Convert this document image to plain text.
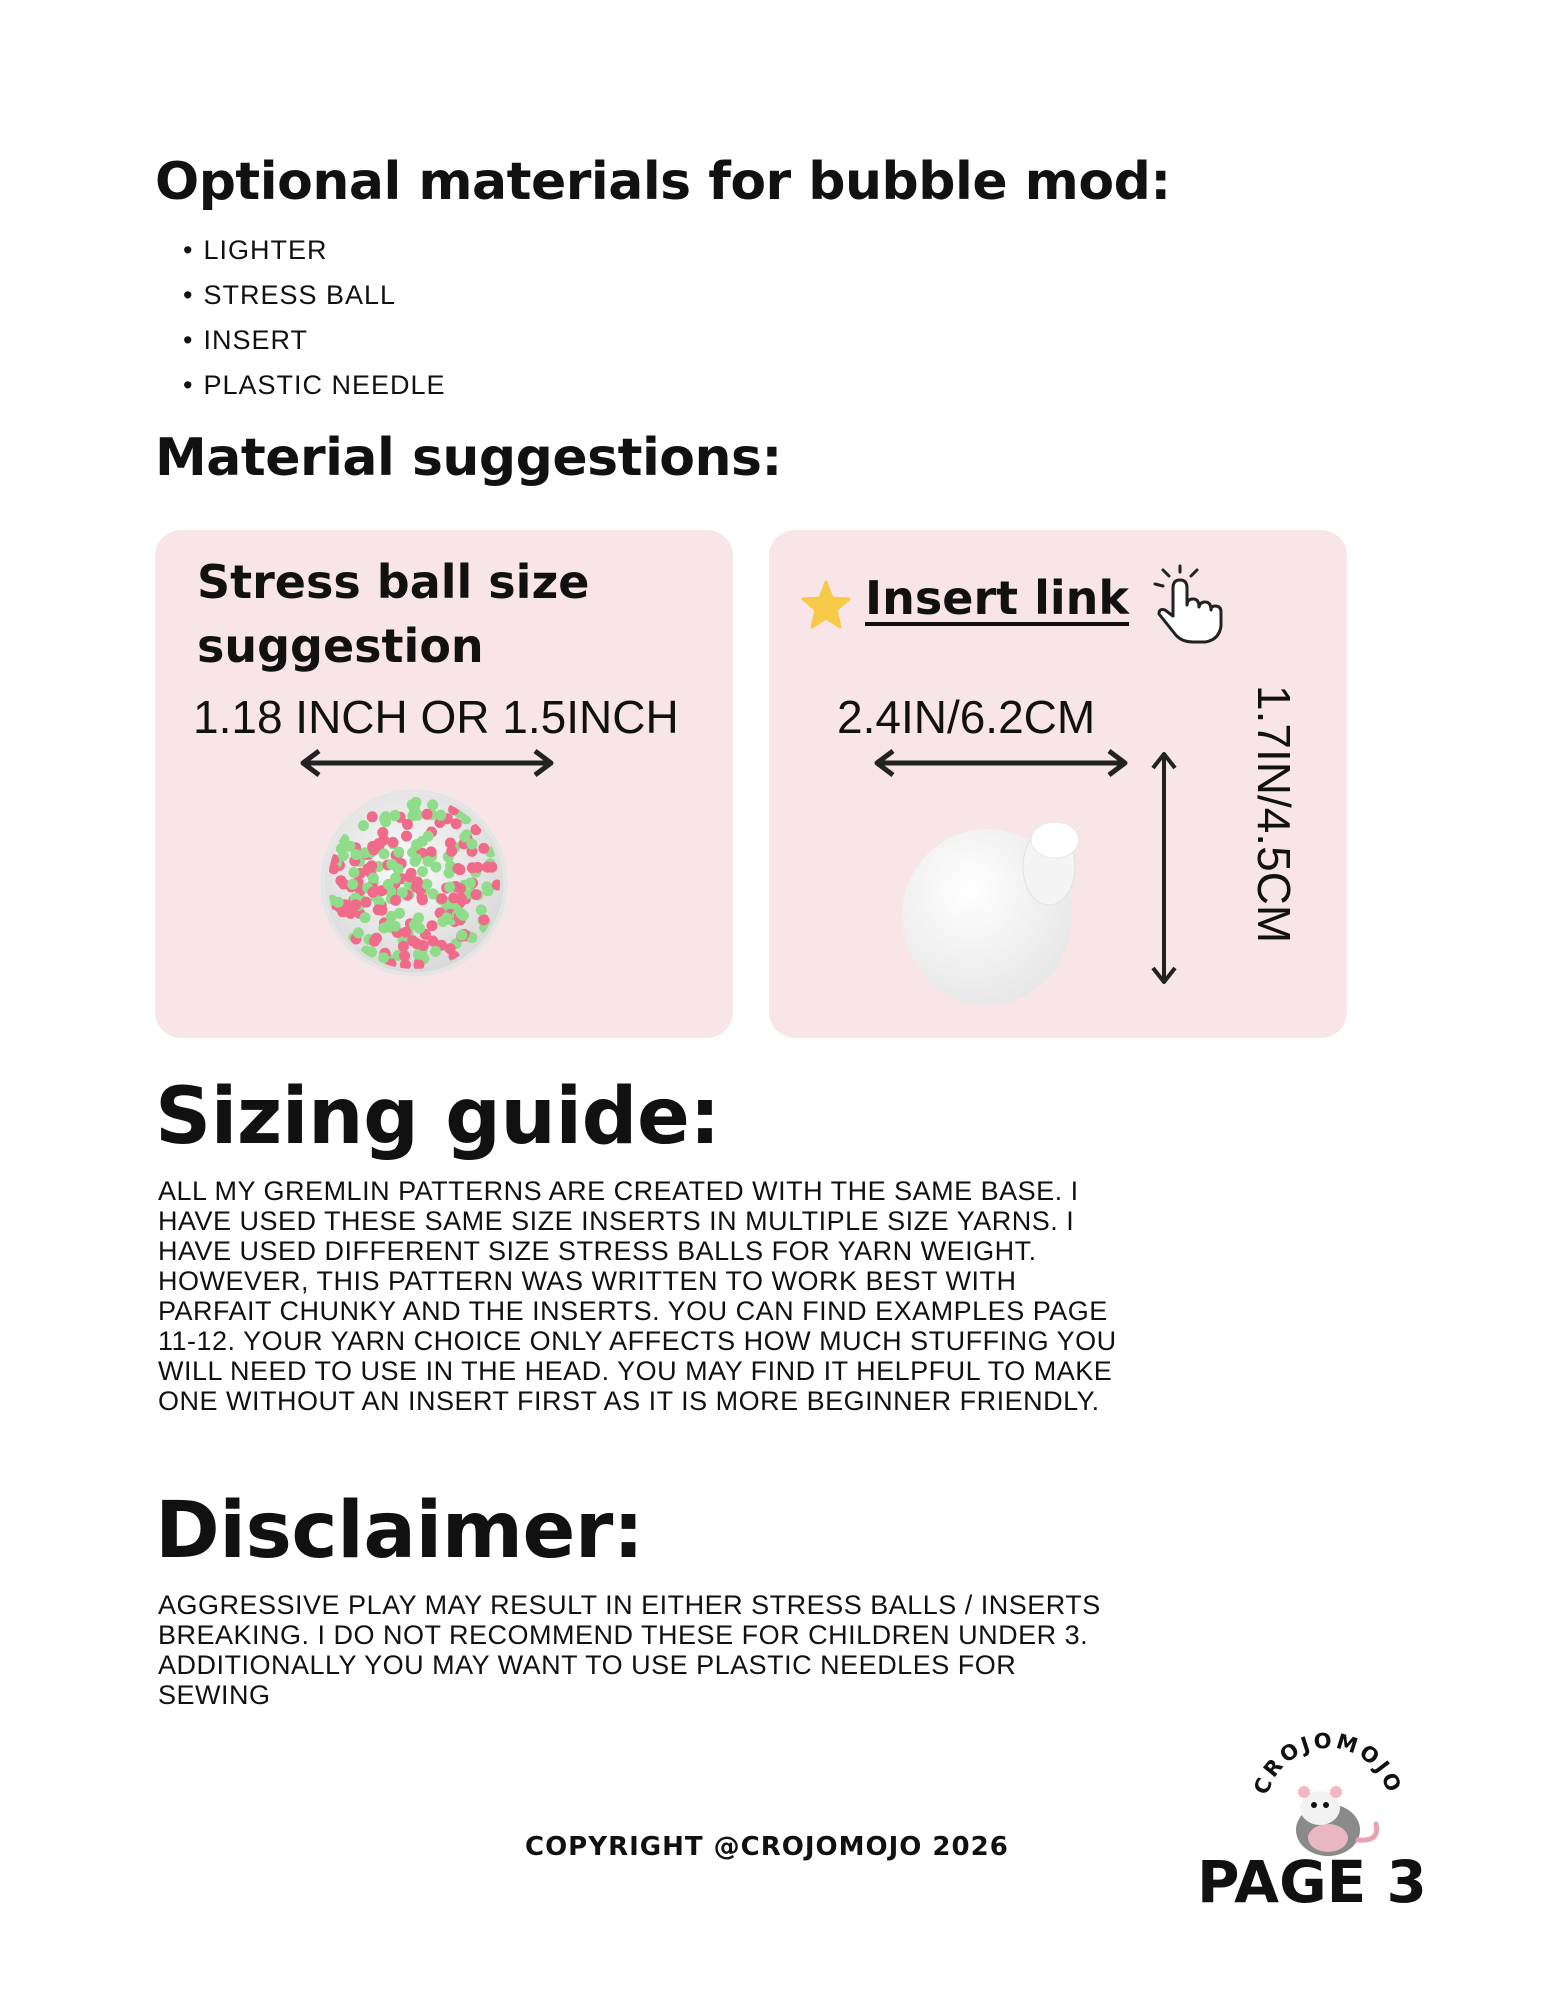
Optional materials for bubble mod:
• LIGHTER
• STRESS BALL
• INSERT
• PLASTIC NEEDLE
Material suggestions:
Stress ball size
suggestion
1.18 INCH OR 1.5INCH
Insert link
2.4IN/6.2CM	1.7IN/4.5CM
Sizing guide:

ALL MY GREMLIN PATTERNS ARE CREATED WITH THE SAME BASE. I HAVE USED THESE SAME SIZE INSERTS IN MULTIPLE SIZE YARNS. I HAVE USED DIFFERENT SIZE STRESS BALLS FOR YARN WEIGHT. HOWEVER, THIS PATTERN WAS WRITTEN TO WORK BEST WITH PARFAIT CHUNKY AND THE INSERTS. YOU CAN FIND EXAMPLES PAGE 11-12. YOUR YARN CHOICE ONLY AFFECTS HOW MUCH STUFFING YOU WILL NEED TO USE IN THE HEAD. YOU MAY FIND IT HELPFUL TO MAKE ONE WITHOUT AN INSERT FIRST AS IT IS MORE BEGINNER FRIENDLY.

Disclaimer:

AGGRESSIVE PLAY MAY RESULT IN EITHER STRESS BALLS / INSERTS BREAKING. I DO NOT RECOMMEND THESE FOR CHILDREN UNDER 3. ADDITIONALLY YOU MAY WANT TO USE PLASTIC NEEDLES FOR SEWING

COPYRIGHT @CROJOMOJO 2026
CROJOMOJO
PAGE 3
